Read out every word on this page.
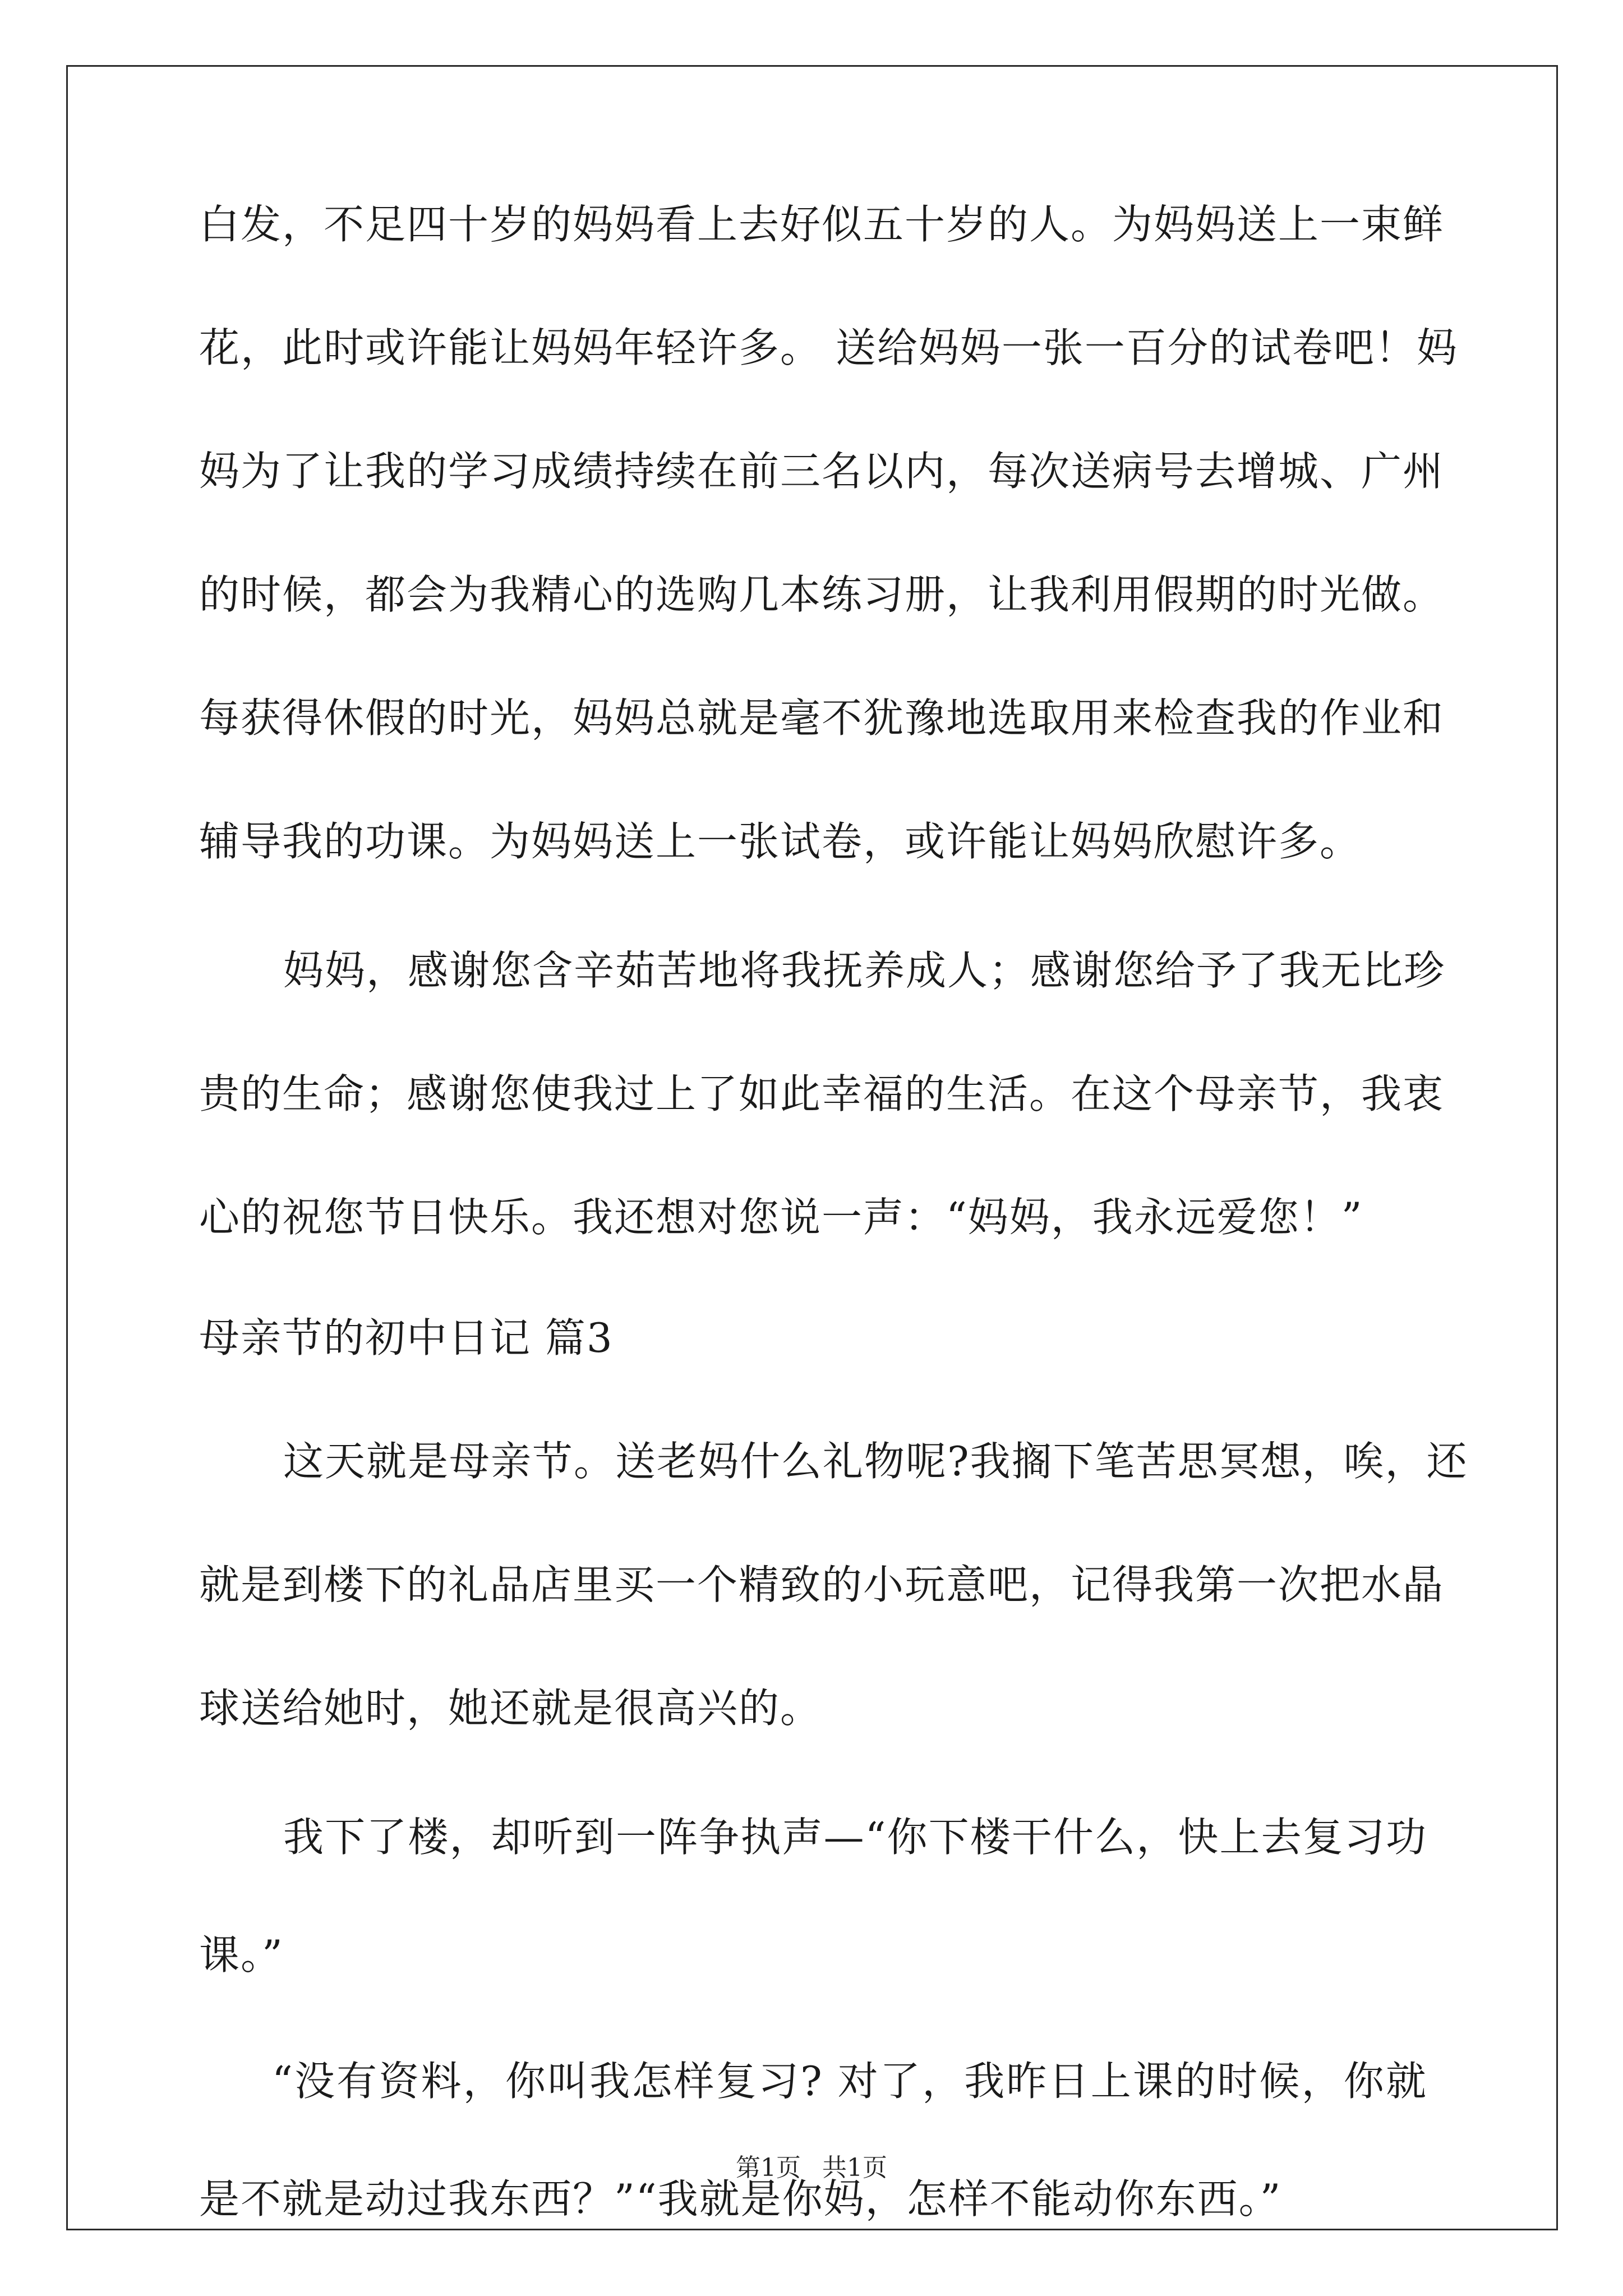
白发，不足四十岁的妈妈看上去好似五十岁的人。为妈妈送上一束鲜
花，此时或许能让妈妈年轻许多。 送给妈妈一张一百分的试卷吧！妈
妈为了让我的学习成绩持续在前三名以内，每次送病号去增城、广州
的时候，都会为我精心的选购几本练习册，让我利用假期的时光做。
每获得休假的时光，妈妈总就是毫不犹豫地选取用来检查我的作业和
辅导我的功课。为妈妈送上一张试卷，或许能让妈妈欣慰许多。
妈妈，感谢您含辛茹苦地将我抚养成人；感谢您给予了我无比珍
贵的生命；感谢您使我过上了如此幸福的生活。在这个母亲节，我衷
心的祝您节日快乐。我还想对您说一声：“妈妈，我永远爱您！”
母亲节的初中日记 篇3
这天就是母亲节。送老妈什么礼物呢?我搁下笔苦思冥想，唉，还
就是到楼下的礼品店里买一个精致的小玩意吧，记得我第一次把水晶
球送给她时，她还就是很高兴的。
我下了楼，却听到一阵争执声—“你下楼干什么，快上去复习功
课。”
“没有资料，你叫我怎样复习? 对了，我昨日上课的时候，你就
是不就是动过我东西？”“我就是你妈，怎样不能动你东西。”
第1页 共1页
